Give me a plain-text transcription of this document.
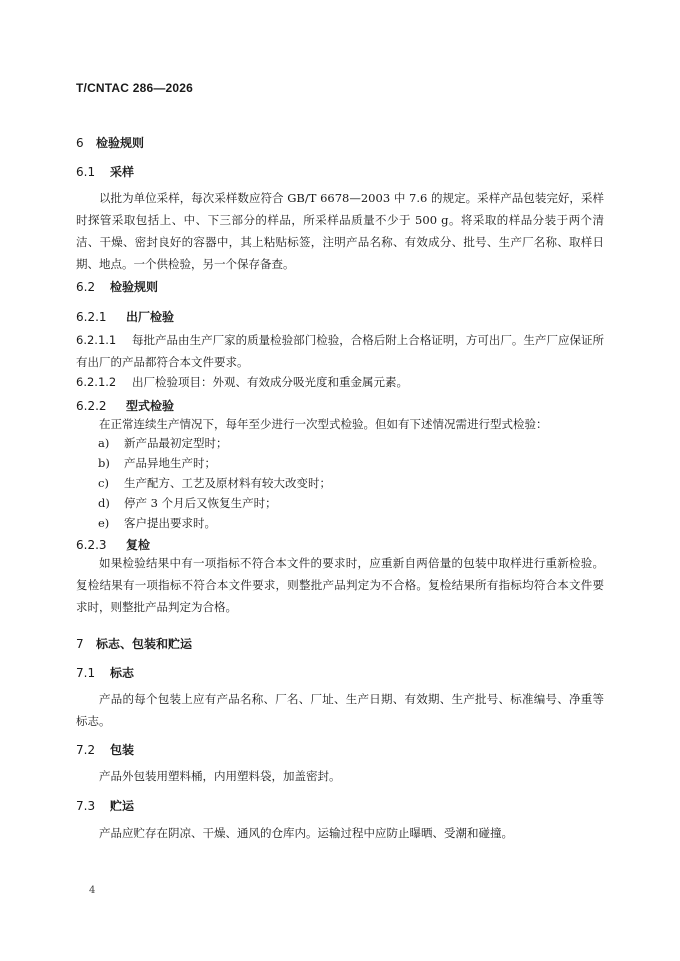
T/CNTAC 286—2026
6 检验规则
6.1 采样

以批为单位采样，每次采样数应符合 GB/T 6678—2003 中 7.6 的规定。采样产品包装完好，采样时探管采取包括上、中、下三部分的样品，所采样品质量不少于 500 g。将采取的样品分装于两个清洁、干燥、密封良好的容器中，其上粘贴标签，注明产品名称、有效成分、批号、生产厂名称、取样日期、地点。一个供检验，另一个保存备查。

6.2 检验规则
6.2.1 出厂检验

6.2.1.1 每批产品由生产厂家的质量检验部门检验，合格后附上合格证明，方可出厂。生产厂应保证所有出厂的产品都符合本文件要求。

6.2.1.2 出厂检验项目：外观、有效成分吸光度和重金属元素。

6.2.2 型式检验

在正常连续生产情况下，每年至少进行一次型式检验。但如有下述情况需进行型式检验：

a) 新产品最初定型时；
b) 产品异地生产时；
c) 生产配方、工艺及原材料有较大改变时；
d) 停产 3 个月后又恢复生产时；
e) 客户提出要求时。
6.2.3 复检

如果检验结果中有一项指标不符合本文件的要求时，应重新自两倍量的包装中取样进行重新检验。复检结果有一项指标不符合本文件要求，则整批产品判定为不合格。复检结果所有指标均符合本文件要求时，则整批产品判定为合格。

7 标志、包装和贮运
7.1 标志

产品的每个包装上应有产品名称、厂名、厂址、生产日期、有效期、生产批号、标准编号、净重等标志。

7.2 包装

产品外包装用塑料桶，内用塑料袋，加盖密封。

7.3 贮运

产品应贮存在阴凉、干燥、通风的仓库内。运输过程中应防止曝晒、受潮和碰撞。

4
